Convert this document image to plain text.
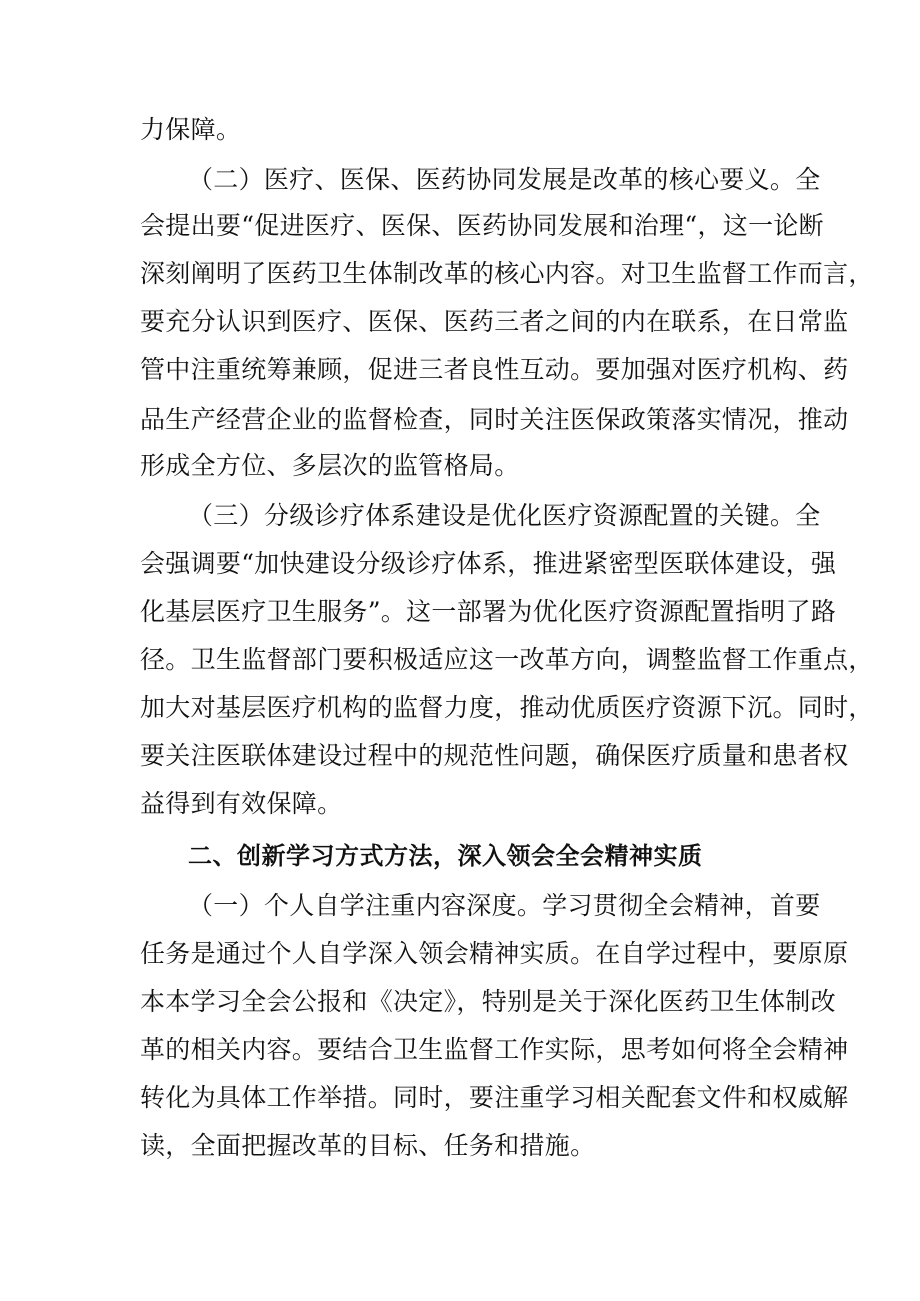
力保障。

（二）医疗、医保、医药协同发展是改革的核心要义。全

会提出要“促进医疗、医保、医药协同发展和治理“，这一论断

深刻阐明了医药卫生体制改革的核心内容。对卫生监督工作而言，

要充分认识到医疗、医保、医药三者之间的内在联系，在日常监

管中注重统筹兼顾，促进三者良性互动。要加强对医疗机构、药

品生产经营企业的监督检查，同时关注医保政策落实情况，推动

形成全方位、多层次的监管格局。

（三）分级诊疗体系建设是优化医疗资源配置的关键。全

会强调要“加快建设分级诊疗体系，推进紧密型医联体建设，强

化基层医疗卫生服务”。这一部署为优化医疗资源配置指明了路

径。卫生监督部门要积极适应这一改革方向，调整监督工作重点，

加大对基层医疗机构的监督力度，推动优质医疗资源下沉。同时，

要关注医联体建设过程中的规范性问题，确保医疗质量和患者权

益得到有效保障。

二、创新学习方式方法，深入领会全会精神实质

（一）个人自学注重内容深度。学习贯彻全会精神，首要

任务是通过个人自学深入领会精神实质。在自学过程中，要原原

本本学习全会公报和《决定》，特别是关于深化医药卫生体制改

革的相关内容。要结合卫生监督工作实际，思考如何将全会精神

转化为具体工作举措。同时，要注重学习相关配套文件和权威解

读，全面把握改革的目标、任务和措施。
